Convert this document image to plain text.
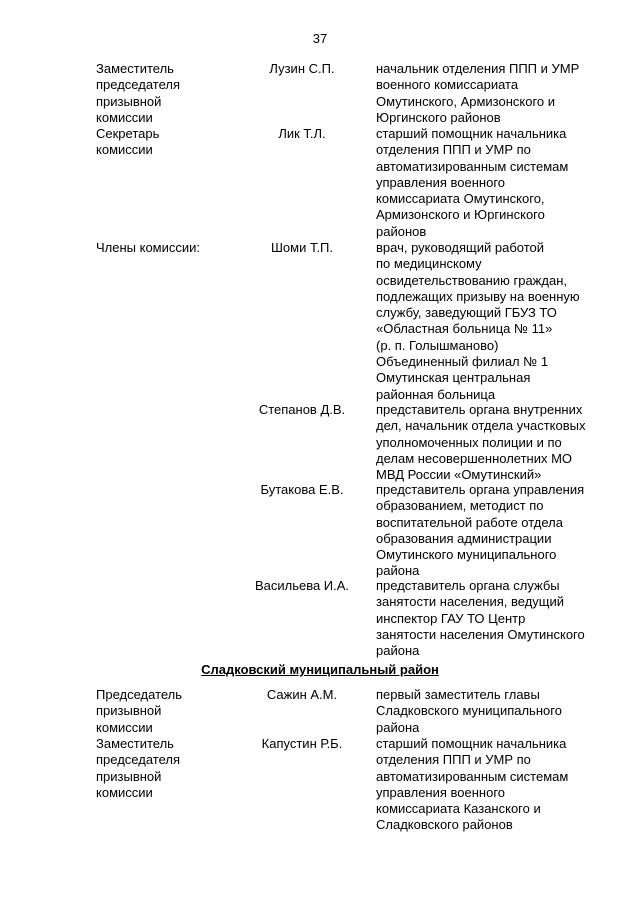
37
Заместитель
председателя
призывной
комиссии
Лузин С.П.	начальник отделения ППП и УМР
военного комиссариата
Омутинского, Армизонского и
Юргинского районов
Секретарь
комиссии
Лик Т.Л.	старший помощник начальника
отделения ППП и УМР по
автоматизированным системам
управления военного
комиссариата Омутинского,
Армизонского и Юргинского
районов
Члены комиссии:	Шоми Т.П.	врач, руководящий работой
по медицинскому
освидетельствованию граждан,
подлежащих призыву на военную
службу, заведующий ГБУЗ ТО
«Областная больница № 11»
(р. п. Голышманово)
Объединенный филиал № 1
Омутинская центральная
районная больница
Степанов Д.В.	представитель органа внутренних
дел, начальник отдела участковых
уполномоченных полиции и по
делам несовершеннолетних МО
МВД России «Омутинский»
Бутакова Е.В.	представитель органа управления
образованием, методист по
воспитательной работе отдела
образования администрации
Омутинского муниципального
района
Васильева И.А.	представитель органа службы
занятости населения, ведущий
инспектор ГАУ ТО Центр
занятости населения Омутинского
района
Сладковский муниципальный район
Председатель
призывной
комиссии
Сажин А.М.	первый заместитель главы
Сладковского муниципального
района
Заместитель
председателя
призывной
комиссии
Капустин Р.Б.	старший помощник начальника
отделения ППП и УМР по
автоматизированным системам
управления военного
комиссариата Казанского и
Сладковского районов
